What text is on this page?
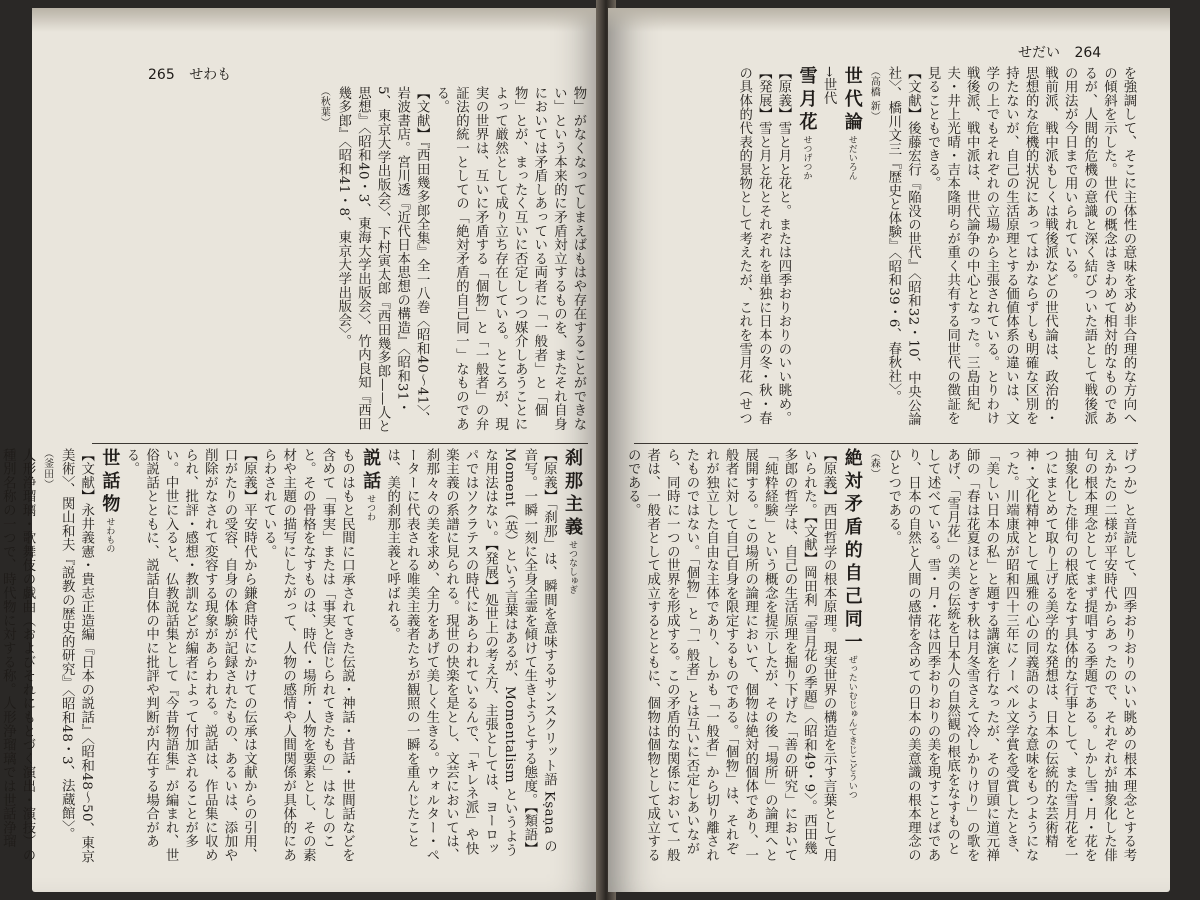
265 せわも

物」がなくなってしまえばもはや存在することができない」という本来的に矛盾対立するものを、またそれ自身においては矛盾しあっている両者に「一般者」と「個物」とが、まったく互いに否定しつつ媒介しあうことによって厳然として成り立ち存在している。ところが、現実の世界は、互いに矛盾する「個物」と「一般者」の弁証法的統一としての「絶対矛盾的自己同一」なものである。

【文献】『西田幾多郎全集』全一八巻〈昭和40〜41〉、岩波書店。宮川透『近代日本思想の構造』〈昭和31・5、東京大学出版会〉、下村寅太郎『西田幾多郎——人と思想』〈昭和40・3、東海大学出版会〉、竹内良知『西田幾多郎』〈昭和41・8、東京大学出版会〉。

（秋葉）

刹那主義せつなしゅぎ

【原義】「刹那」は、瞬間を意味するサンスクリット語 Kṣaṇa の音写。一瞬一刻に全身全霊を傾けて生きようとする態度。【類語】Moment（英）という言葉はあるが、Momentalism というような用法はない。【発展】処世上の考え方、主張としては、ヨーロッパではソクラテスの時代にあらわれているんで、「キレネ派」や快楽主義の系譜に見られる。現世の快楽を是とし、文芸においては、刹那々々の美を求め、全力をあげて美しく生きる。ウォルター・ペーターに代表される唯美主義者たちが観照の一瞬を重んじたことは、美的刹那主義と呼ばれる。

説話せつわ

ものはもと民間に口承されてきた伝説・神話・昔話・世間話などを含めて「事実」または「事実と信じられてきたもの」はなしのこと。その骨格をなすものは、時代・場所・人物を要素とし、その素材や主題の描写にしたがって、人物の感情や人間関係が具体的にあらわされている。

【原義】平安時代から鎌倉時代にかけての伝承は文献からの引用、口がたりの受容、自身の体験が記録されたもの、あるいは、添加や削除がなされて変容する現象があらわれる。説話は、作品集に収められ、批評・感想・教訓などが編者によって付加されることが多い。中世に入ると、仏教説話集として『今昔物語集』が編まれ、世俗説話とともに、説話自体の中に批評や判断が内在する場合がある。

世話物せわもの

【文献】永井義憲・貴志正造編『日本の説話』〈昭和48〜50、東京美術〉、関山和夫『説教の歴史的研究』〈昭和48・3、法蔵館〉。

（釜田）

人形浄瑠璃・歌舞伎の戯曲（およびそれにもとづく演出・演技）の種別名称の一つで、時代物に対する称。人形浄瑠璃では世話浄瑠

せだい 264

を強調して、そこに主体性の意味を求め非合理的な方向への傾斜を示した。世代の概念はきわめて相対的なものであるが、人間的危機の意識と深く結びついた語として戦後派の用法が今日まで用いられている。

戦前派、戦中派もしくは戦後派などの世代論は、政治的・思想的な危機的状況にあってはかならずしも明確な区別を持たないが、自己の生活原理とする価値体系の違いは、文学の上でもそれぞれの立場から主張されている。とりわけ戦後派、戦中派は、世代論争の中心となった。三島由紀夫・井上光晴・吉本隆明らが重く共有する同世代の徴証を見ることもできる。

【文献】後藤宏行『陥没の世代』〈昭和32・10、中央公論社〉、橋川文三『歴史と体験』〈昭和39・6、春秋社〉。

（高橋 新）

世代論せだいろん

→世代

雪月花せつげつか

【原義】雪と月と花と。または四季おりおりのいい眺め。【発展】雪と月と花とそれぞれを単独に日本の冬・秋・春の具体的代表的景物として考えたが、これを雪月花（せつ

げつか）と音読して、四季おりおりのいい眺めの根本理念とする考えかたの二様が平安時代からあったので、それぞれが抽象化した俳句の根本理念としてまず提唱する季題である。しかし雪・月・花を抽象化した俳句の根底をなす具体的な行事として、また雪月花を一つにまとめて取り上げる美学的な発想は、日本の伝統的な芸術精神・文化精神として風雅の心の同義語のような意味をもつようになった。川端康成が昭和四十三年にノーベル文学賞を受賞したとき、「美しい日本の私」と題する講演を行なったが、その冒頭に道元禅師の「春は花夏ほととぎす秋は月冬雪さえて冷しかりけり」の歌をあげ、「雪月花」の美の伝統を日本人の自然観の根底をなすものとして述べている。雪・月・花は四季おりおりの美を現すことばであり、日本の自然と人間の感情を含めての日本の美意識の根本理念のひとつである。

（森）

絶対矛盾的自己同一ぜったいむじゅんてきじこどういつ

【原義】西田哲学の根本原理。現実世界の構造を示す言葉として用いられた。【文献】岡田利『雪月花の季題』〈昭和49・9〉。西田幾多郎の哲学は、自己の生活原理を掘り下げた「善の研究」において「純粋経験」という概念を提示したが、その後「場所」の論理へと展開する。この場所の論理において、個物は絶対的個体であり、一般者に対して自己自身を限定するものである。「個物」は、それぞれが独立した自由な主体であり、しかも「一般者」から切り離されたものではない。「個物」と「一般者」とは互いに否定しあいながら、同時に一つの世界を形成する。この矛盾的な関係において一般者は、一般者として成立するとともに、個物は個物として成立するのである。
